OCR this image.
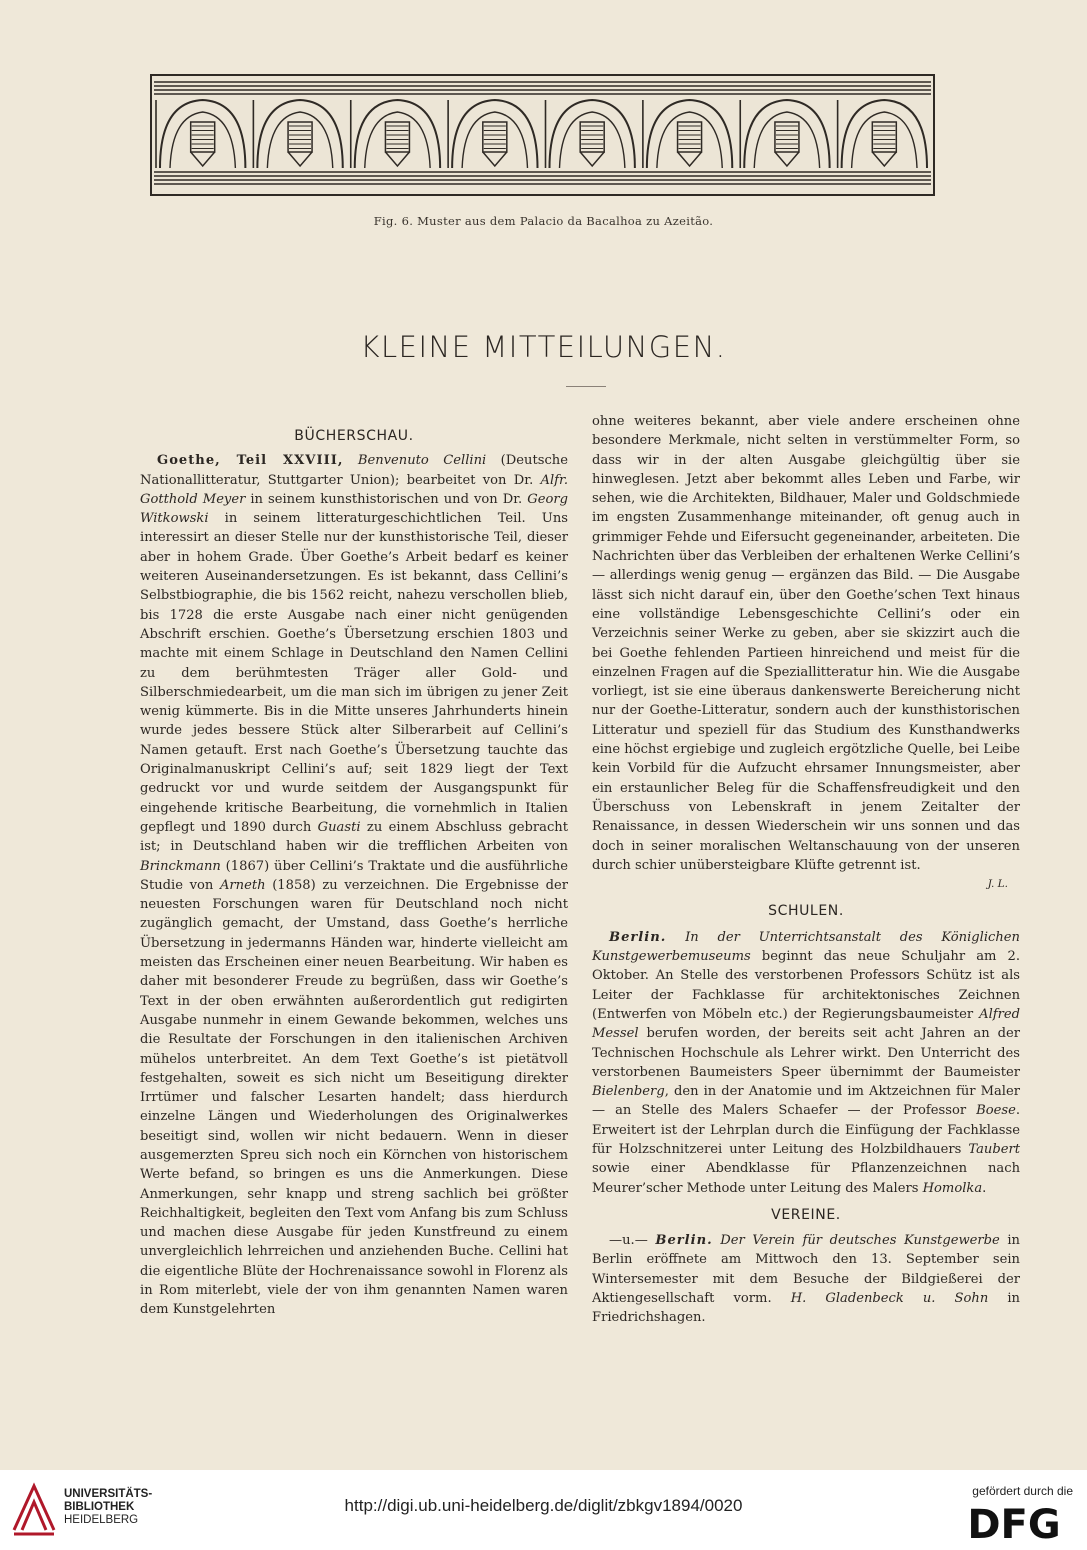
Fig. 6. Muster aus dem Palacio da Bacalhoa zu Azeitão.
KLEINE MITTEILUNGEN.

BÜCHERSCHAU.

Goethe, Teil XXVIII, Benvenuto Cellini (Deutsche Nationallitteratur, Stuttgarter Union); bearbeitet von Dr. Alfr. Gotthold Meyer in seinem kunsthistorischen und von Dr. Georg Witkowski in seinem litteraturgeschichtlichen Teil. Uns interessirt an dieser Stelle nur der kunsthistorische Teil, dieser aber in hohem Grade. Über Goethe’s Arbeit bedarf es keiner weiteren Auseinandersetzungen. Es ist bekannt, dass Cellini’s Selbstbiographie, die bis 1562 reicht, nahezu verschollen blieb, bis 1728 die erste Ausgabe nach einer nicht genügenden Abschrift erschien. Goethe’s Übersetzung erschien 1803 und machte mit einem Schlage in Deutschland den Namen Cellini zu dem berühmtesten Träger aller Gold- und Silberschmiedearbeit, um die man sich im übrigen zu jener Zeit wenig kümmerte. Bis in die Mitte unseres Jahrhunderts hinein wurde jedes bessere Stück alter Silberarbeit auf Cellini’s Namen getauft. Erst nach Goethe’s Übersetzung tauchte das Originalmanuskript Cellini’s auf; seit 1829 liegt der Text gedruckt vor und wurde seitdem der Ausgangspunkt für eingehende kritische Bearbeitung, die vornehmlich in Italien gepflegt und 1890 durch Guasti zu einem Abschluss gebracht ist; in Deutschland haben wir die trefflichen Arbeiten von Brinckmann (1867) über Cellini’s Traktate und die ausführliche Studie von Arneth (1858) zu verzeichnen. Die Ergebnisse der neuesten Forschungen waren für Deutschland noch nicht zugänglich gemacht, der Umstand, dass Goethe’s herrliche Übersetzung in jedermanns Händen war, hinderte vielleicht am meisten das Erscheinen einer neuen Bearbeitung. Wir haben es daher mit besonderer Freude zu begrüßen, dass wir Goethe’s Text in der oben erwähnten außerordentlich gut redigirten Ausgabe nunmehr in einem Gewande bekommen, welches uns die Resultate der Forschungen in den italienischen Archiven mühelos unterbreitet. An dem Text Goethe’s ist pietätvoll festgehalten, soweit es sich nicht um Beseitigung direkter Irrtümer und falscher Lesarten handelt; dass hierdurch einzelne Längen und Wiederholungen des Originalwerkes beseitigt sind, wollen wir nicht bedauern. Wenn in dieser ausgemerzten Spreu sich noch ein Körnchen von historischem Werte befand, so bringen es uns die Anmerkungen. Diese Anmerkungen, sehr knapp und streng sachlich bei größter Reichhaltigkeit, begleiten den Text vom Anfang bis zum Schluss und machen diese Ausgabe für jeden Kunstfreund zu einem unvergleichlich lehrreichen und anziehenden Buche. Cellini hat die eigentliche Blüte der Hochrenaissance sowohl in Florenz als in Rom miterlebt, viele der von ihm genannten Namen waren dem Kunstgelehrten

ohne weiteres bekannt, aber viele andere erscheinen ohne besondere Merkmale, nicht selten in verstümmelter Form, so dass wir in der alten Ausgabe gleichgültig über sie hinweglesen. Jetzt aber bekommt alles Leben und Farbe, wir sehen, wie die Architekten, Bildhauer, Maler und Goldschmiede im engsten Zusammenhange miteinander, oft genug auch in grimmiger Fehde und Eifersucht gegeneinander, arbeiteten. Die Nachrichten über das Verbleiben der erhaltenen Werke Cellini’s — allerdings wenig genug — ergänzen das Bild. — Die Ausgabe lässt sich nicht darauf ein, über den Goethe’schen Text hinaus eine vollständige Lebensgeschichte Cellini’s oder ein Verzeichnis seiner Werke zu geben, aber sie skizzirt auch die bei Goethe fehlenden Partieen hinreichend und meist für die einzelnen Fragen auf die Speziallitteratur hin. Wie die Ausgabe vorliegt, ist sie eine überaus dankenswerte Bereicherung nicht nur der Goethe-Litteratur, sondern auch der kunsthistorischen Litteratur und speziell für das Studium des Kunsthandwerks eine höchst ergiebige und zugleich ergötzliche Quelle, bei Leibe kein Vorbild für die Aufzucht ehrsamer Innungsmeister, aber ein erstaunlicher Beleg für die Schaffensfreudigkeit und den Überschuss von Lebenskraft in jenem Zeitalter der Renaissance, in dessen Wiederschein wir uns sonnen und das doch in seiner moralischen Weltanschauung von der unseren durch schier unübersteigbare Klüfte getrennt ist.

J. L.

SCHULEN.

Berlin. In der Unterrichtsanstalt des Königlichen Kunstgewerbemuseums beginnt das neue Schuljahr am 2. Oktober. An Stelle des verstorbenen Professors Schütz ist als Leiter der Fachklasse für architektonisches Zeichnen (Entwerfen von Möbeln etc.) der Regierungsbaumeister Alfred Messel berufen worden, der bereits seit acht Jahren an der Technischen Hochschule als Lehrer wirkt. Den Unterricht des verstorbenen Baumeisters Speer übernimmt der Baumeister Bielenberg, den in der Anatomie und im Aktzeichnen für Maler — an Stelle des Malers Schaefer — der Professor Boese. Erweitert ist der Lehrplan durch die Einfügung der Fachklasse für Holzschnitzerei unter Leitung des Holzbildhauers Taubert sowie einer Abendklasse für Pflanzenzeichnen nach Meurer’scher Methode unter Leitung des Malers Homolka.

VEREINE.

—u.— Berlin. Der Verein für deutsches Kunstgewerbe in Berlin eröffnete am Mittwoch den 13. September sein Wintersemester mit dem Besuche der Bildgießerei der Aktiengesellschaft vorm. H. Gladenbeck u. Sohn in Friedrichshagen.

UNIVERSITÄTS-
BIBLIOTHEK
HEIDELBERG
http://digi.ub.uni-heidelberg.de/diglit/zbkgv1894/0020
gefördert durch die
DFG
